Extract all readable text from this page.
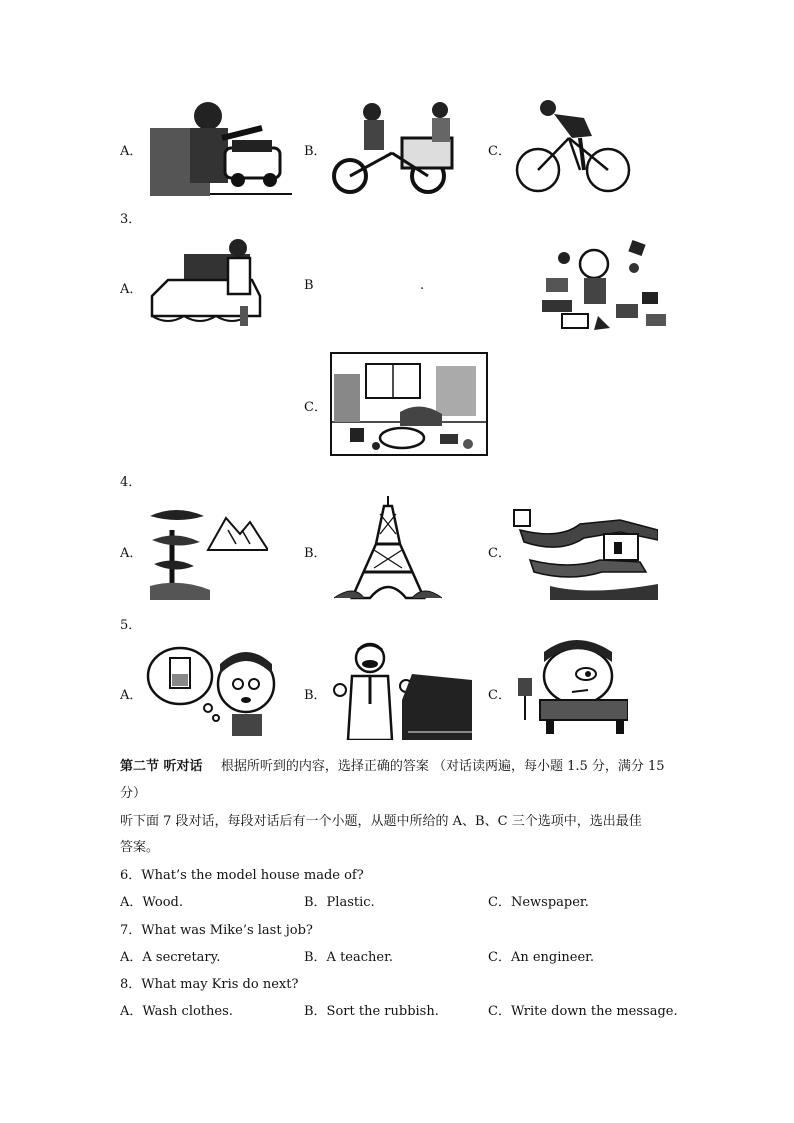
A．	B．	C．
3．
A．	B	.
C．
4．
A．	B．	C．
5．
A．	B．	C．
第二节 听对话 根据所听到的内容，选择正确的答案 （对话读两遍，每小题 1.5 分，满分 15
分）
听下面 7 段对话，每段对话后有一个小题，从题中所给的 A、B、C 三个选项中，选出最佳
答案。
6．What’s the model house made of?
A．Wood.	B．Plastic.	C．Newspaper.
7．What was Mike’s last job?
A．A secretary.	B．A teacher.	C．An engineer.
8．What may Kris do next?
A．Wash clothes.	B．Sort the rubbish.	C．Write down the message.
